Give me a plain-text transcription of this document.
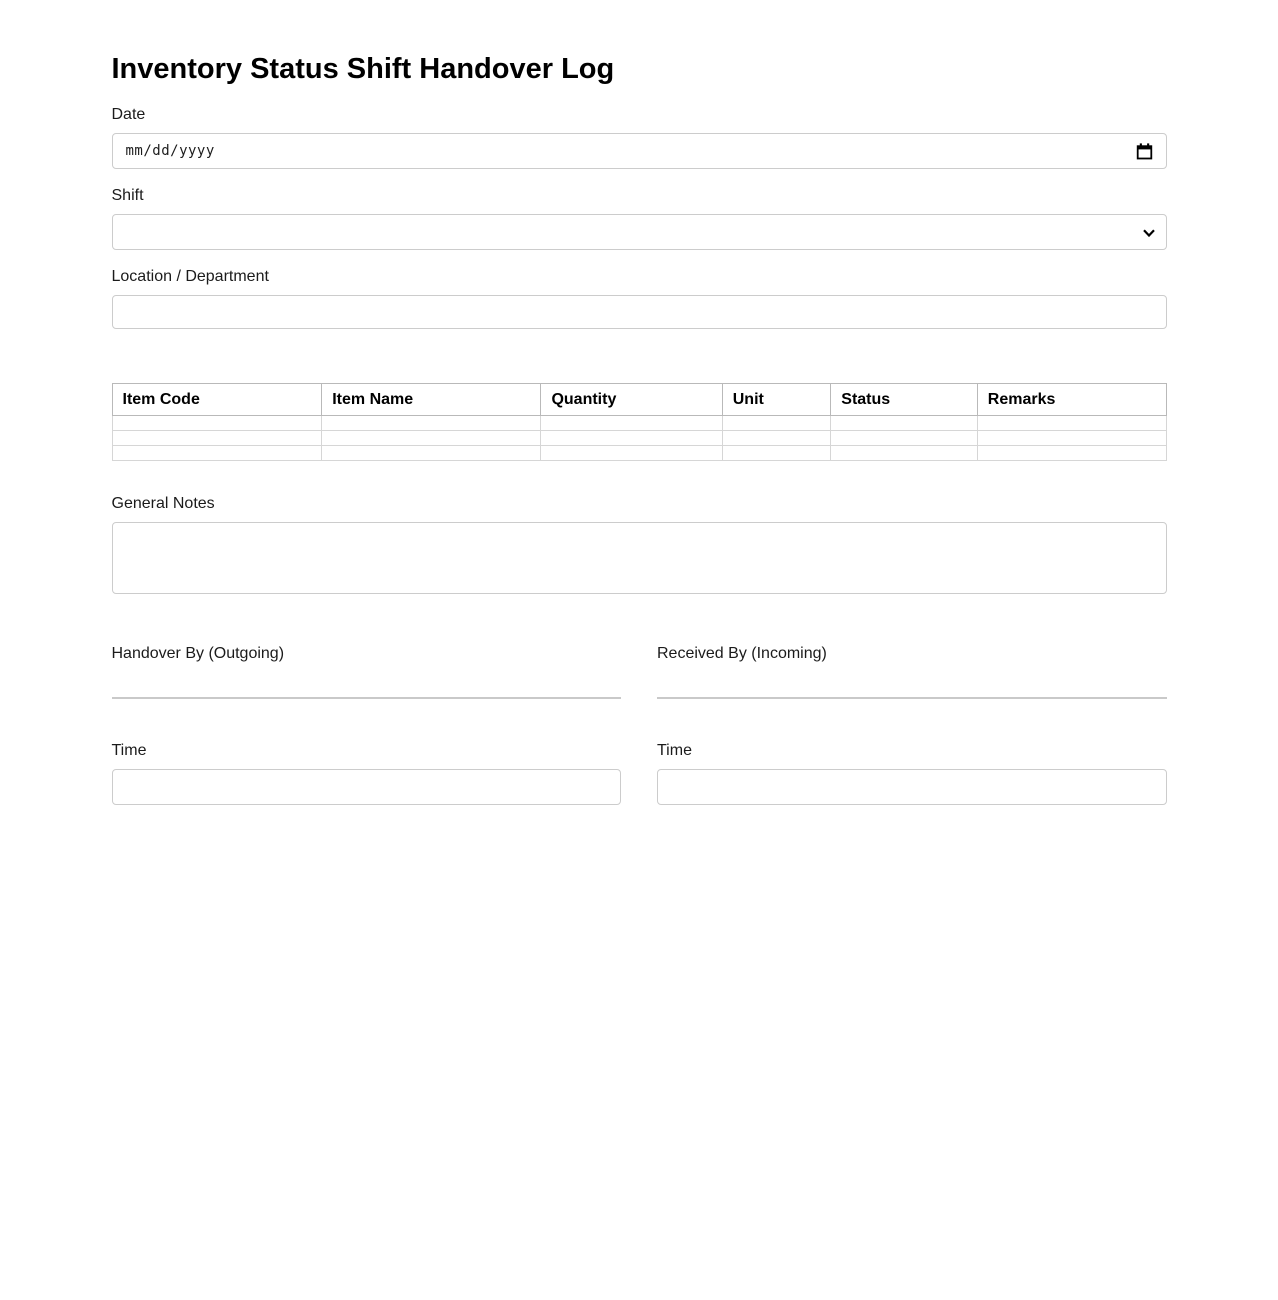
Inventory Status Shift Handover Log
Date
mm/dd/yyyy
Shift
Location / Department
Item Code	Item Name	Quantity	Unit	Status	Remarks

General Notes
Handover By (Outgoing)	Received By (Incoming)
Time	Time
